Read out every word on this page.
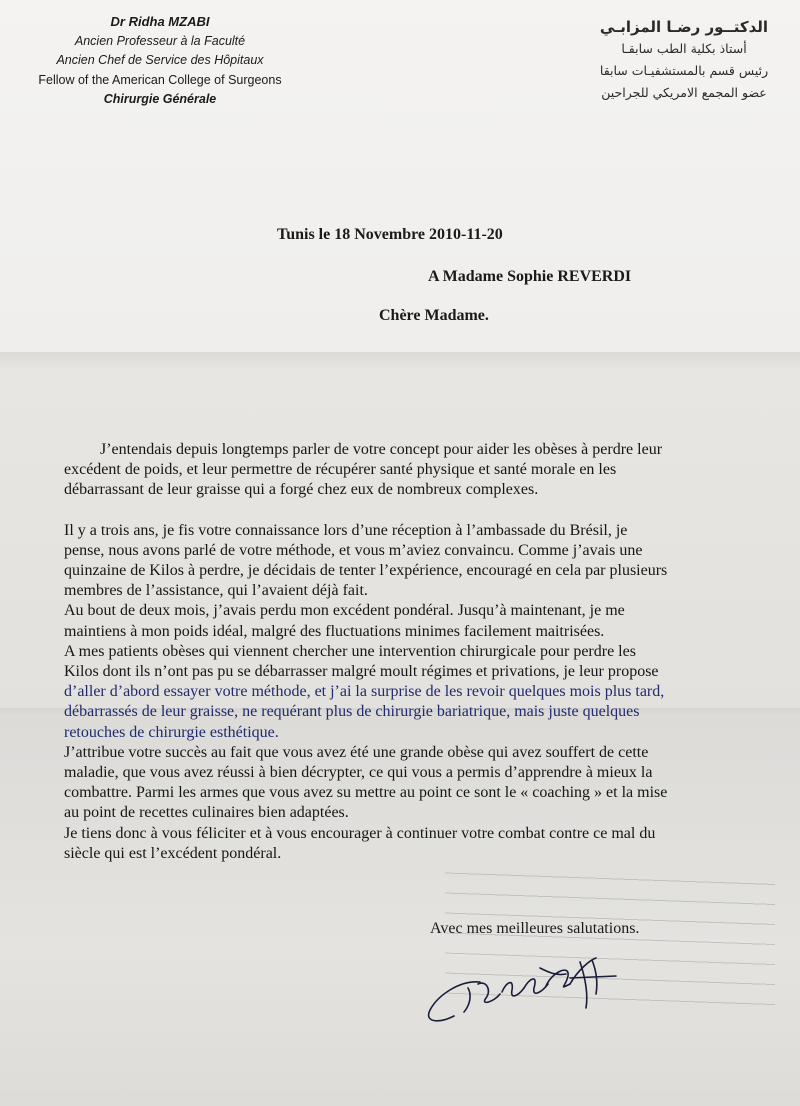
Dr Ridha MZABI
Ancien Professeur à la Faculté
Ancien Chef de Service des Hôpitaux
Fellow of the American College of Surgeons
Chirurgie Générale
الدكتــور رضـا المزابـي
أستاذ بكلية الطب سابقـا
رئيس قسم بالمستشفيـات سابقا
عضو المجمع الامريكي للجراحين
Tunis le 18 Novembre 2010-11-20
A Madame Sophie REVERDI
Chère Madame.

J’entendais depuis longtemps parler de votre concept pour aider les obèses à perdre leur

excédent de poids, et leur permettre de récupérer santé physique et santé morale en les

débarrassant de leur graisse qui a forgé chez eux de nombreux complexes.

Il y a trois ans, je fis votre connaissance lors d’une réception à l’ambassade du Brésil, je

pense, nous avons parlé de votre méthode, et vous m’aviez convaincu. Comme j’avais une

quinzaine de Kilos à perdre, je décidais de tenter l’expérience, encouragé en cela par plusieurs

membres de l’assistance, qui l’avaient déjà fait.

Au bout de deux mois, j’avais perdu mon excédent pondéral. Jusqu’à maintenant, je me

maintiens à mon poids idéal, malgré des fluctuations minimes facilement maitrisées.

A mes patients obèses qui viennent chercher une intervention chirurgicale pour perdre les

Kilos dont ils n’ont pas pu se débarrasser malgré moult régimes et privations, je leur propose

d’aller d’abord essayer votre méthode, et j’ai la surprise de les revoir quelques mois plus tard,

débarrassés de leur graisse, ne requérant plus de chirurgie bariatrique, mais juste quelques

retouches de chirurgie esthétique.

J’attribue votre succès au fait que vous avez été une grande obèse qui avez souffert de cette

maladie, que vous avez réussi à bien décrypter, ce qui vous a permis d’apprendre à mieux la

combattre. Parmi les armes que vous avez su mettre au point ce sont le « coaching » et la mise

au point de recettes culinaires bien adaptées.

Je tiens donc à vous féliciter et à vous encourager à continuer votre combat contre ce mal du

siècle qui est l’excédent pondéral.

Avec mes meilleures salutations.
